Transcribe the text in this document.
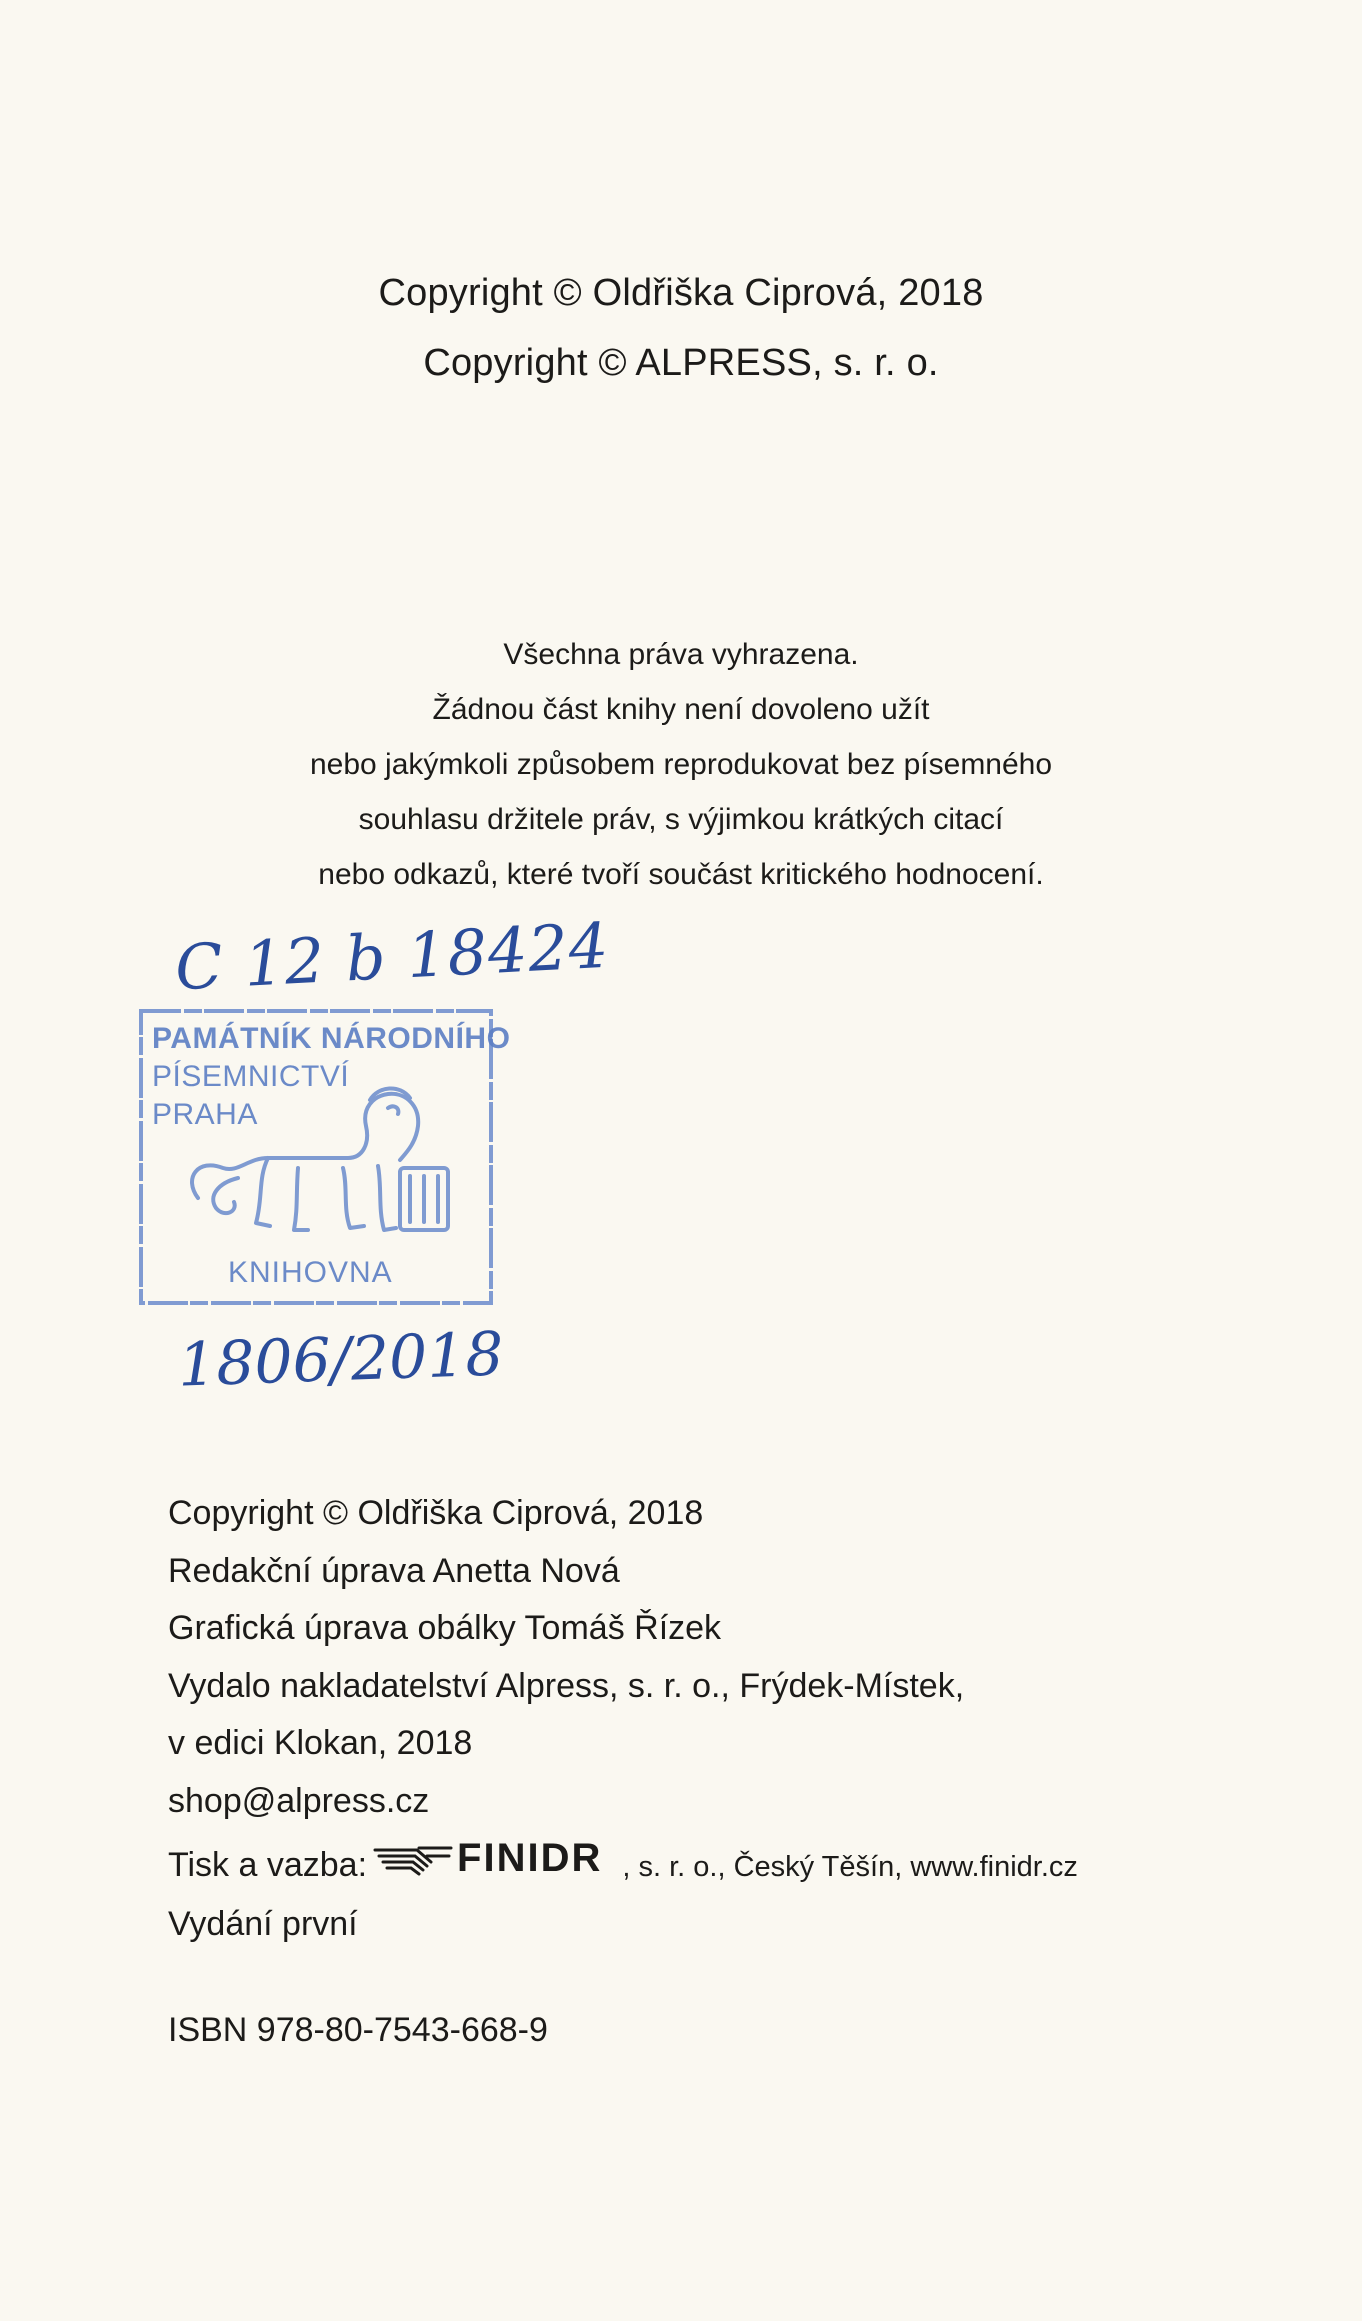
Copyright © Oldřiška Ciprová, 2018
Copyright © ALPRESS, s. r. o.
Všechna práva vyhrazena.
Žádnou část knihy není dovoleno užít
nebo jakýmkoli způsobem reprodukovat bez písemného
souhlasu držitele práv, s výjimkou krátkých citací
nebo odkazů, které tvoří součást kritického hodnocení.
C 12 b 18424
PAMÁTNÍK NÁRODNÍHO
PÍSEMNICTVÍ
PRAHA
KNIHOVNA
1806/2018
Copyright © Oldřiška Ciprová, 2018
Redakční úprava Anetta Nová
Grafická úprava obálky Tomáš Řízek
Vydalo nakladatelství Alpress, s. r. o., Frýdek-Místek,
v edici Klokan, 2018
shop@alpress.cz
Tisk a vazba: FINIDR , s. r. o., Český Těšín, www.finidr.cz
Vydání první
ISBN 978-80-7543-668-9
